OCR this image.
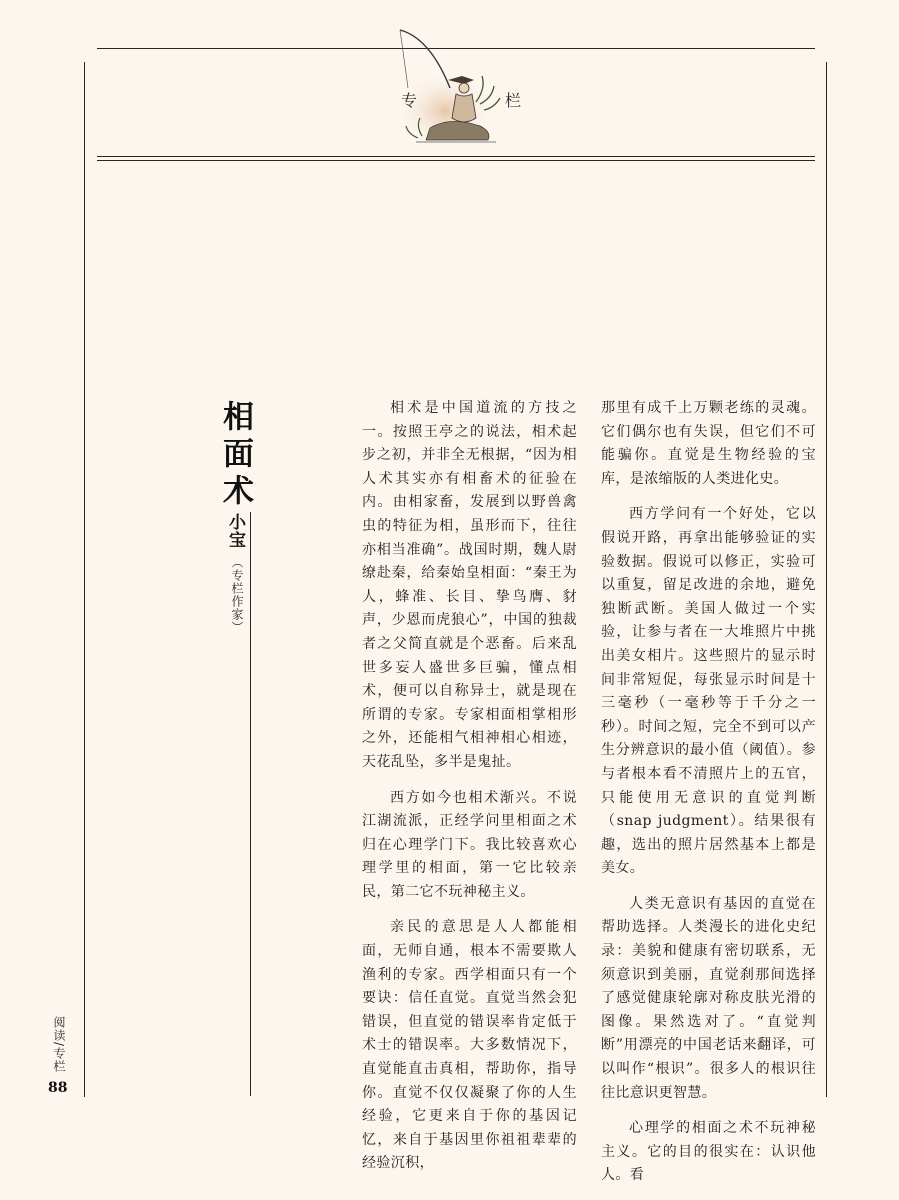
专	栏
相面术
小宝
（专栏作家）

相术是中国道流的方技之一。按照王亭之的说法，相术起步之初，并非全无根据，“因为相人术其实亦有相畜术的征验在内。由相家畜，发展到以野兽禽虫的特征为相，虽形而下，往往亦相当准确”。战国时期，魏人尉缭赴秦，给秦始皇相面：“秦王为人，蜂准、长目、挚鸟膺、豺声，少恩而虎狼心”，中国的独裁者之父简直就是个恶畜。后来乱世多妄人盛世多巨骗，懂点相术，便可以自称异士，就是现在所谓的专家。专家相面相掌相形之外，还能相气相神相心相迹，天花乱坠，多半是鬼扯。

西方如今也相术渐兴。不说江湖流派，正经学问里相面之术归在心理学门下。我比较喜欢心理学里的相面，第一它比较亲民，第二它不玩神秘主义。

亲民的意思是人人都能相面，无师自通，根本不需要欺人渔利的专家。西学相面只有一个要诀：信任直觉。直觉当然会犯错误，但直觉的错误率肯定低于术士的错误率。大多数情况下，直觉能直击真相，帮助你，指导你。直觉不仅仅凝聚了你的人生经验，它更来自于你的基因记忆，来自于基因里你祖祖辈辈的经验沉积，

那里有成千上万颗老练的灵魂。它们偶尔也有失误，但它们不可能骗你。直觉是生物经验的宝库，是浓缩版的人类进化史。

西方学问有一个好处，它以假说开路，再拿出能够验证的实验数据。假说可以修正，实验可以重复，留足改进的余地，避免独断武断。美国人做过一个实验，让参与者在一大堆照片中挑出美女相片。这些照片的显示时间非常短促，每张显示时间是十三毫秒（一毫秒等于千分之一秒）。时间之短，完全不到可以产生分辨意识的最小值（阈值）。参与者根本看不清照片上的五官，只能使用无意识的直觉判断（snap judgment）。结果很有趣，选出的照片居然基本上都是美女。

人类无意识有基因的直觉在帮助选择。人类漫长的进化史纪录：美貌和健康有密切联系，无须意识到美丽，直觉刹那间选择了感觉健康轮廓对称皮肤光滑的图像。果然选对了。“直觉判断”用漂亮的中国老话来翻译，可以叫作“根识”。很多人的根识往往比意识更智慧。

心理学的相面之术不玩神秘主义。它的目的很实在：认识他人。看

阅读/专栏
88
